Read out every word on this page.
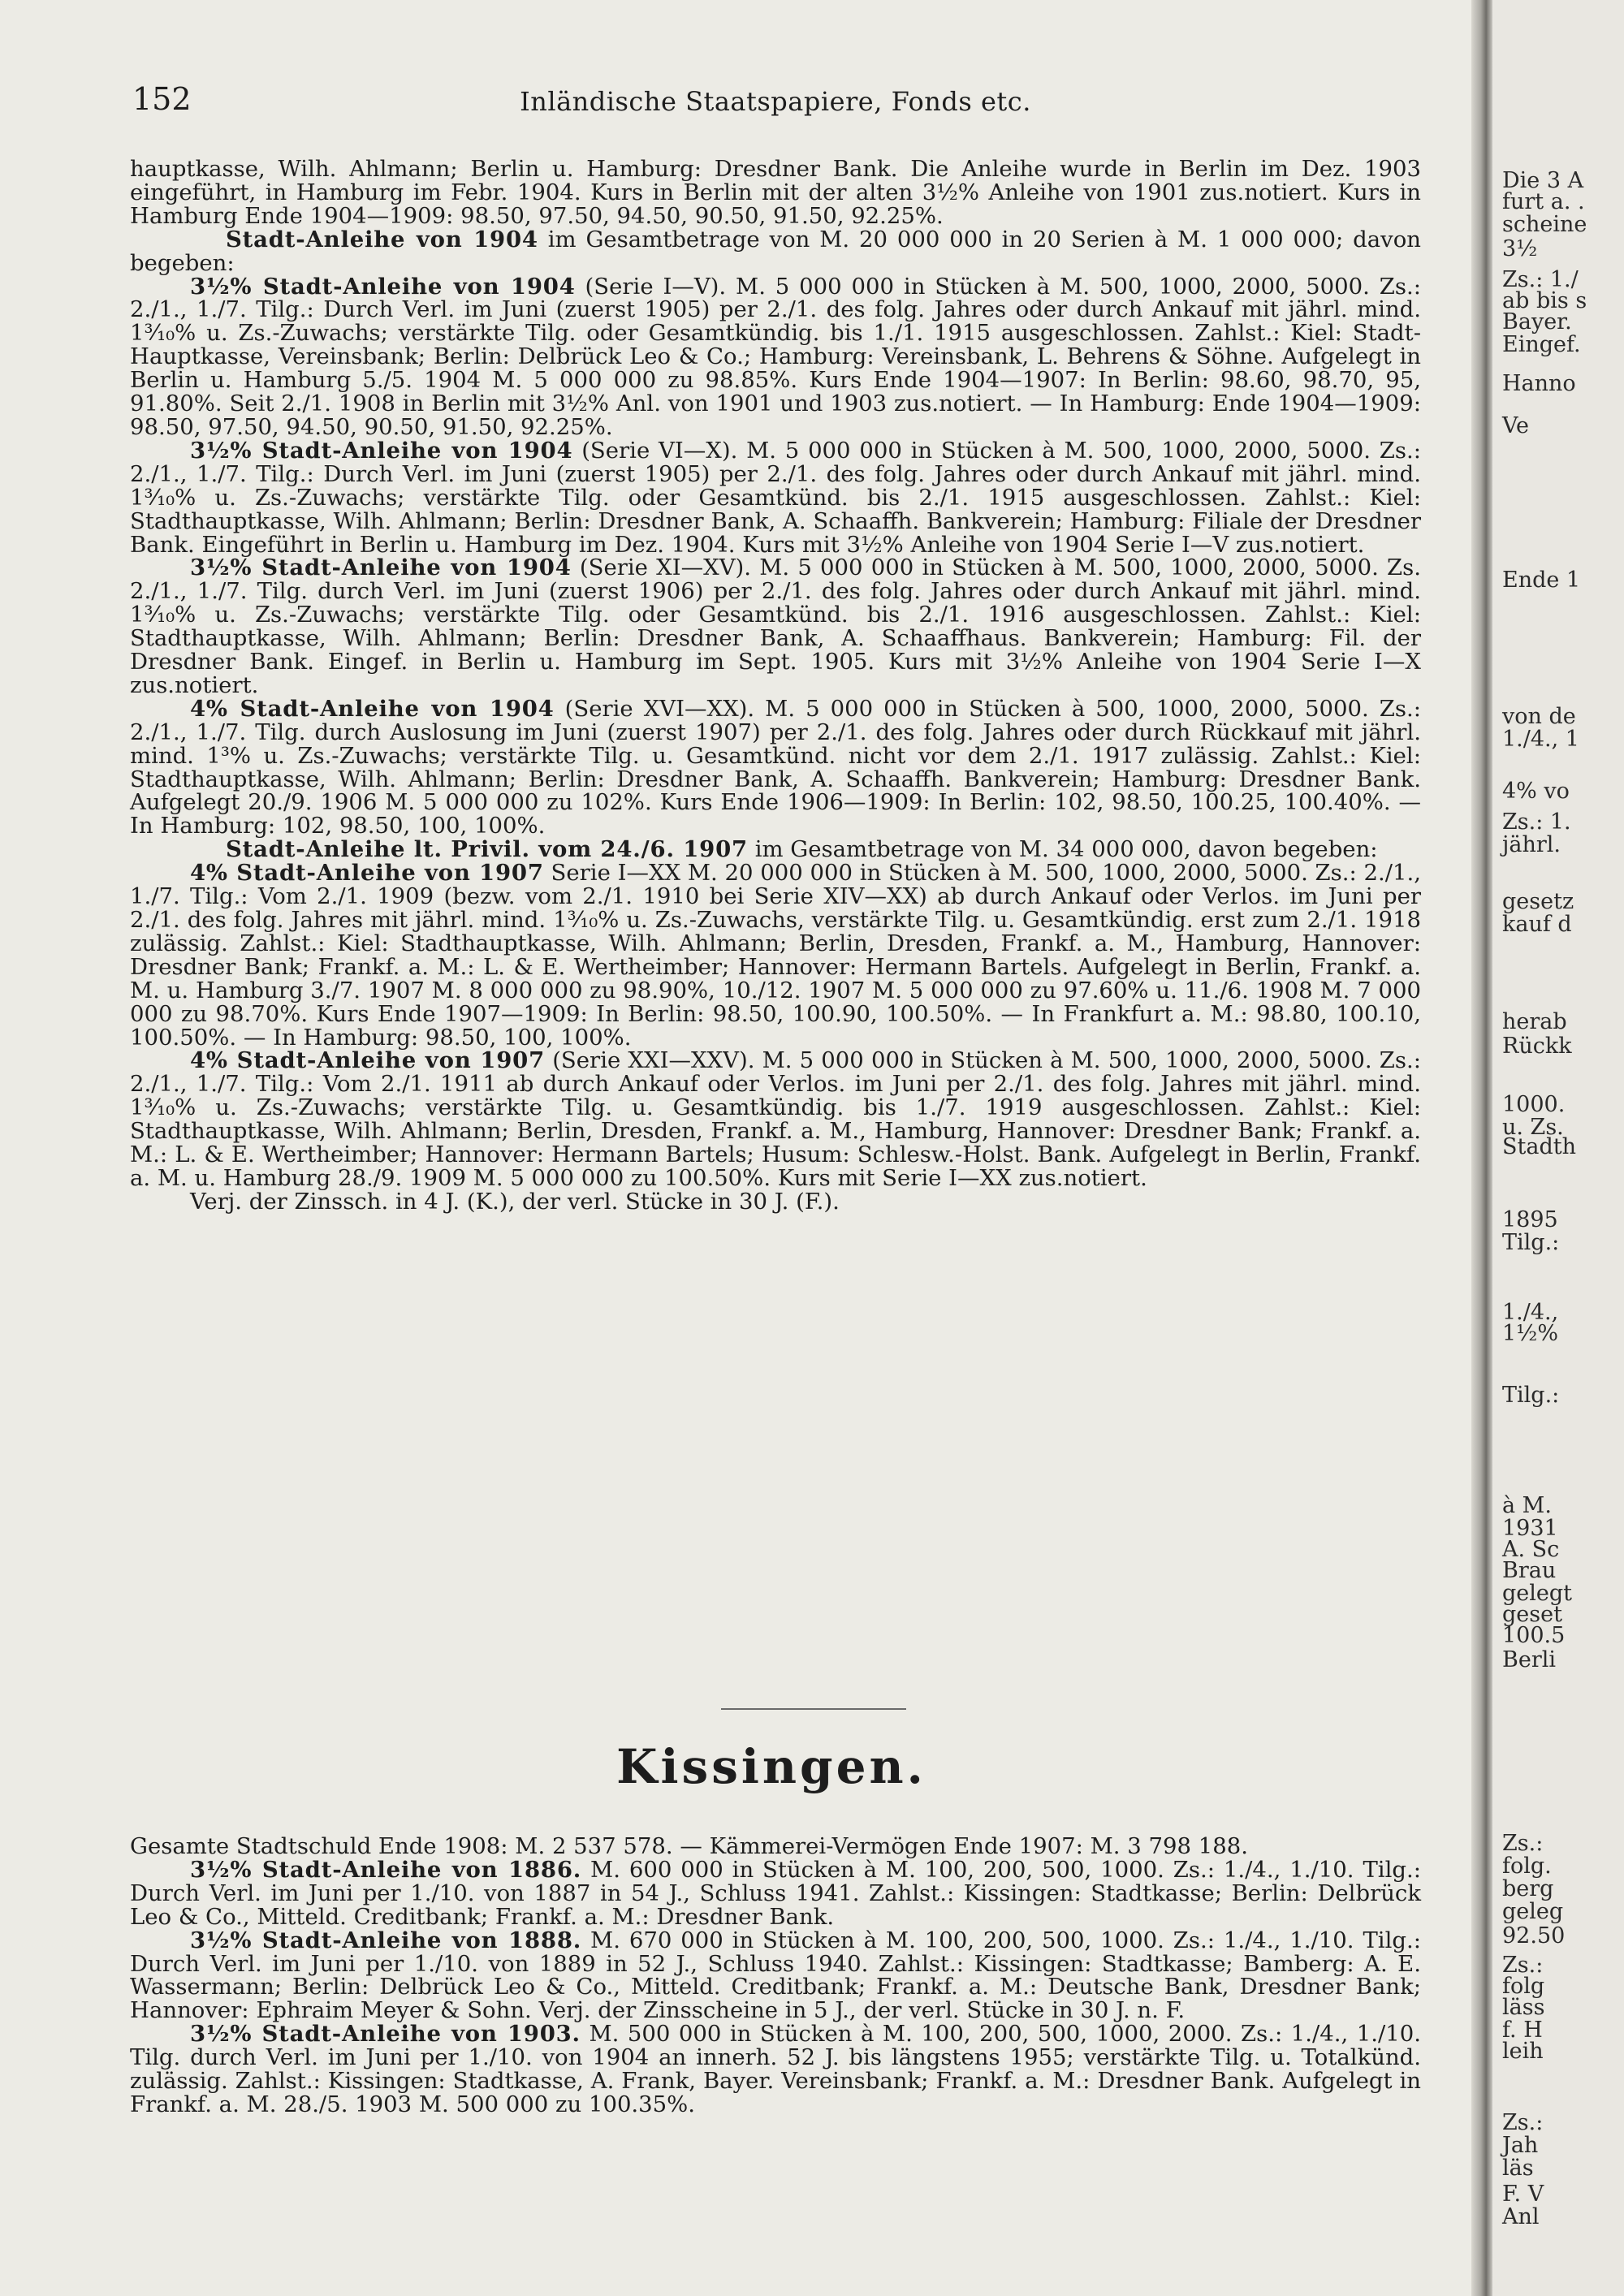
152	Inländische Staatspapiere, Fonds etc.

hauptkasse, Wilh. Ahlmann; Berlin u. Hamburg: Dresdner Bank. Die Anleihe wurde in Berlin im Dez. 1903 eingeführt, in Hamburg im Febr. 1904. Kurs in Berlin mit der alten 3½% Anleihe von 1901 zus.notiert. Kurs in Hamburg Ende 1904—1909: 98.50, 97.50, 94.50, 90.50, 91.50, 92.25%.

Stadt-Anleihe von 1904 im Gesamtbetrage von M. 20 000 000 in 20 Serien à M. 1 000 000; davon begeben:

3½% Stadt-Anleihe von 1904 (Serie I—V). M. 5 000 000 in Stücken à M. 500, 1000, 2000, 5000. Zs.: 2./1., 1./7. Tilg.: Durch Verl. im Juni (zuerst 1905) per 2./1. des folg. Jahres oder durch Ankauf mit jährl. mind. 1³⁄₁₀% u. Zs.-Zuwachs; verstärkte Tilg. oder Gesamtkündig. bis 1./1. 1915 ausgeschlossen. Zahlst.: Kiel: Stadt-Hauptkasse, Vereinsbank; Berlin: Delbrück Leo & Co.; Hamburg: Vereinsbank, L. Behrens & Söhne. Aufgelegt in Berlin u. Hamburg 5./5. 1904 M. 5 000 000 zu 98.85%. Kurs Ende 1904—1907: In Berlin: 98.60, 98.70, 95, 91.80%. Seit 2./1. 1908 in Berlin mit 3½% Anl. von 1901 und 1903 zus.notiert. — In Hamburg: Ende 1904—1909: 98.50, 97.50, 94.50, 90.50, 91.50, 92.25%.

3½% Stadt-Anleihe von 1904 (Serie VI—X). M. 5 000 000 in Stücken à M. 500, 1000, 2000, 5000. Zs.: 2./1., 1./7. Tilg.: Durch Verl. im Juni (zuerst 1905) per 2./1. des folg. Jahres oder durch Ankauf mit jährl. mind. 1³⁄₁₀% u. Zs.-Zuwachs; verstärkte Tilg. oder Gesamtkünd. bis 2./1. 1915 ausgeschlossen. Zahlst.: Kiel: Stadthauptkasse, Wilh. Ahlmann; Berlin: Dresdner Bank, A. Schaaffh. Bankverein; Hamburg: Filiale der Dresdner Bank. Eingeführt in Berlin u. Hamburg im Dez. 1904. Kurs mit 3½% Anleihe von 1904 Serie I—V zus.notiert.

3½% Stadt-Anleihe von 1904 (Serie XI—XV). M. 5 000 000 in Stücken à M. 500, 1000, 2000, 5000. Zs. 2./1., 1./7. Tilg. durch Verl. im Juni (zuerst 1906) per 2./1. des folg. Jahres oder durch Ankauf mit jährl. mind. 1³⁄₁₀% u. Zs.-Zuwachs; verstärkte Tilg. oder Gesamtkünd. bis 2./1. 1916 ausgeschlossen. Zahlst.: Kiel: Stadthauptkasse, Wilh. Ahlmann; Berlin: Dresdner Bank, A. Schaaffhaus. Bankverein; Hamburg: Fil. der Dresdner Bank. Eingef. in Berlin u. Hamburg im Sept. 1905. Kurs mit 3½% Anleihe von 1904 Serie I—X zus.notiert.

4% Stadt-Anleihe von 1904 (Serie XVI—XX). M. 5 000 000 in Stücken à 500, 1000, 2000, 5000. Zs.: 2./1., 1./7. Tilg. durch Auslosung im Juni (zuerst 1907) per 2./1. des folg. Jahres oder durch Rückkauf mit jährl. mind. 1³% u. Zs.-Zuwachs; verstärkte Tilg. u. Gesamtkünd. nicht vor dem 2./1. 1917 zulässig. Zahlst.: Kiel: Stadthauptkasse, Wilh. Ahlmann; Berlin: Dresdner Bank, A. Schaaffh. Bankverein; Hamburg: Dresdner Bank. Aufgelegt 20./9. 1906 M. 5 000 000 zu 102%. Kurs Ende 1906—1909: In Berlin: 102, 98.50, 100.25, 100.40%. — In Hamburg: 102, 98.50, 100, 100%.

Stadt-Anleihe lt. Privil. vom 24./6. 1907 im Gesamtbetrage von M. 34 000 000, davon begeben:

4% Stadt-Anleihe von 1907 Serie I—XX M. 20 000 000 in Stücken à M. 500, 1000, 2000, 5000. Zs.: 2./1., 1./7. Tilg.: Vom 2./1. 1909 (bezw. vom 2./1. 1910 bei Serie XIV—XX) ab durch Ankauf oder Verlos. im Juni per 2./1. des folg. Jahres mit jährl. mind. 1³⁄₁₀% u. Zs.-Zuwachs, verstärkte Tilg. u. Gesamtkündig. erst zum 2./1. 1918 zulässig. Zahlst.: Kiel: Stadthauptkasse, Wilh. Ahlmann; Berlin, Dresden, Frankf. a. M., Hamburg, Hannover: Dresdner Bank; Frankf. a. M.: L. & E. Wertheimber; Hannover: Hermann Bartels. Aufgelegt in Berlin, Frankf. a. M. u. Hamburg 3./7. 1907 M. 8 000 000 zu 98.90%, 10./12. 1907 M. 5 000 000 zu 97.60% u. 11./6. 1908 M. 7 000 000 zu 98.70%. Kurs Ende 1907—1909: In Berlin: 98.50, 100.90, 100.50%. — In Frankfurt a. M.: 98.80, 100.10, 100.50%. — In Hamburg: 98.50, 100, 100%.

4% Stadt-Anleihe von 1907 (Serie XXI—XXV). M. 5 000 000 in Stücken à M. 500, 1000, 2000, 5000. Zs.: 2./1., 1./7. Tilg.: Vom 2./1. 1911 ab durch Ankauf oder Verlos. im Juni per 2./1. des folg. Jahres mit jährl. mind. 1³⁄₁₀% u. Zs.-Zuwachs; verstärkte Tilg. u. Gesamtkündig. bis 1./7. 1919 ausgeschlossen. Zahlst.: Kiel: Stadthauptkasse, Wilh. Ahlmann; Berlin, Dresden, Frankf. a. M., Hamburg, Hannover: Dresdner Bank; Frankf. a. M.: L. & E. Wertheimber; Hannover: Hermann Bartels; Husum: Schlesw.-Holst. Bank. Aufgelegt in Berlin, Frankf. a. M. u. Hamburg 28./9. 1909 M. 5 000 000 zu 100.50%. Kurs mit Serie I—XX zus.notiert.

Verj. der Zinssch. in 4 J. (K.), der verl. Stücke in 30 J. (F.).

Kissingen.

Gesamte Stadtschuld Ende 1908: M. 2 537 578. — Kämmerei-Vermögen Ende 1907: M. 3 798 188.

3½% Stadt-Anleihe von 1886. M. 600 000 in Stücken à M. 100, 200, 500, 1000. Zs.: 1./4., 1./10. Tilg.: Durch Verl. im Juni per 1./10. von 1887 in 54 J., Schluss 1941. Zahlst.: Kissingen: Stadtkasse; Berlin: Delbrück Leo & Co., Mitteld. Creditbank; Frankf. a. M.: Dresdner Bank.

3½% Stadt-Anleihe von 1888. M. 670 000 in Stücken à M. 100, 200, 500, 1000. Zs.: 1./4., 1./10. Tilg.: Durch Verl. im Juni per 1./10. von 1889 in 52 J., Schluss 1940. Zahlst.: Kissingen: Stadtkasse; Bamberg: A. E. Wassermann; Berlin: Delbrück Leo & Co., Mitteld. Creditbank; Frankf. a. M.: Deutsche Bank, Dresdner Bank; Hannover: Ephraim Meyer & Sohn. Verj. der Zinsscheine in 5 J., der verl. Stücke in 30 J. n. F.

3½% Stadt-Anleihe von 1903. M. 500 000 in Stücken à M. 100, 200, 500, 1000, 2000. Zs.: 1./4., 1./10. Tilg. durch Verl. im Juni per 1./10. von 1904 an innerh. 52 J. bis längstens 1955; verstärkte Tilg. u. Totalkünd. zulässig. Zahlst.: Kissingen: Stadtkasse, A. Frank, Bayer. Vereinsbank; Frankf. a. M.: Dresdner Bank. Aufgelegt in Frankf. a. M. 28./5. 1903 M. 500 000 zu 100.35%.

Die 3 A
furt a. .
scheine
3½
Zs.: 1./
ab bis s
Bayer.
Eingef.
Hanno
Ve
Ende 1
von de
1./4., 1
4% vo
Zs.: 1.
jährl.
gesetz
kauf d
herab
Rückk
1000.
u. Zs.
Stadth
1895
Tilg.:
1./4.,
1½%
Tilg.:
à M.
1931
A. Sc
Brau
gelegt
geset
100.5
Berli
Zs.:
folg.
berg
geleg
92.50
Zs.:
folg
läss
f. H
leih
Zs.:
Jah
läs
F. V
Anl
